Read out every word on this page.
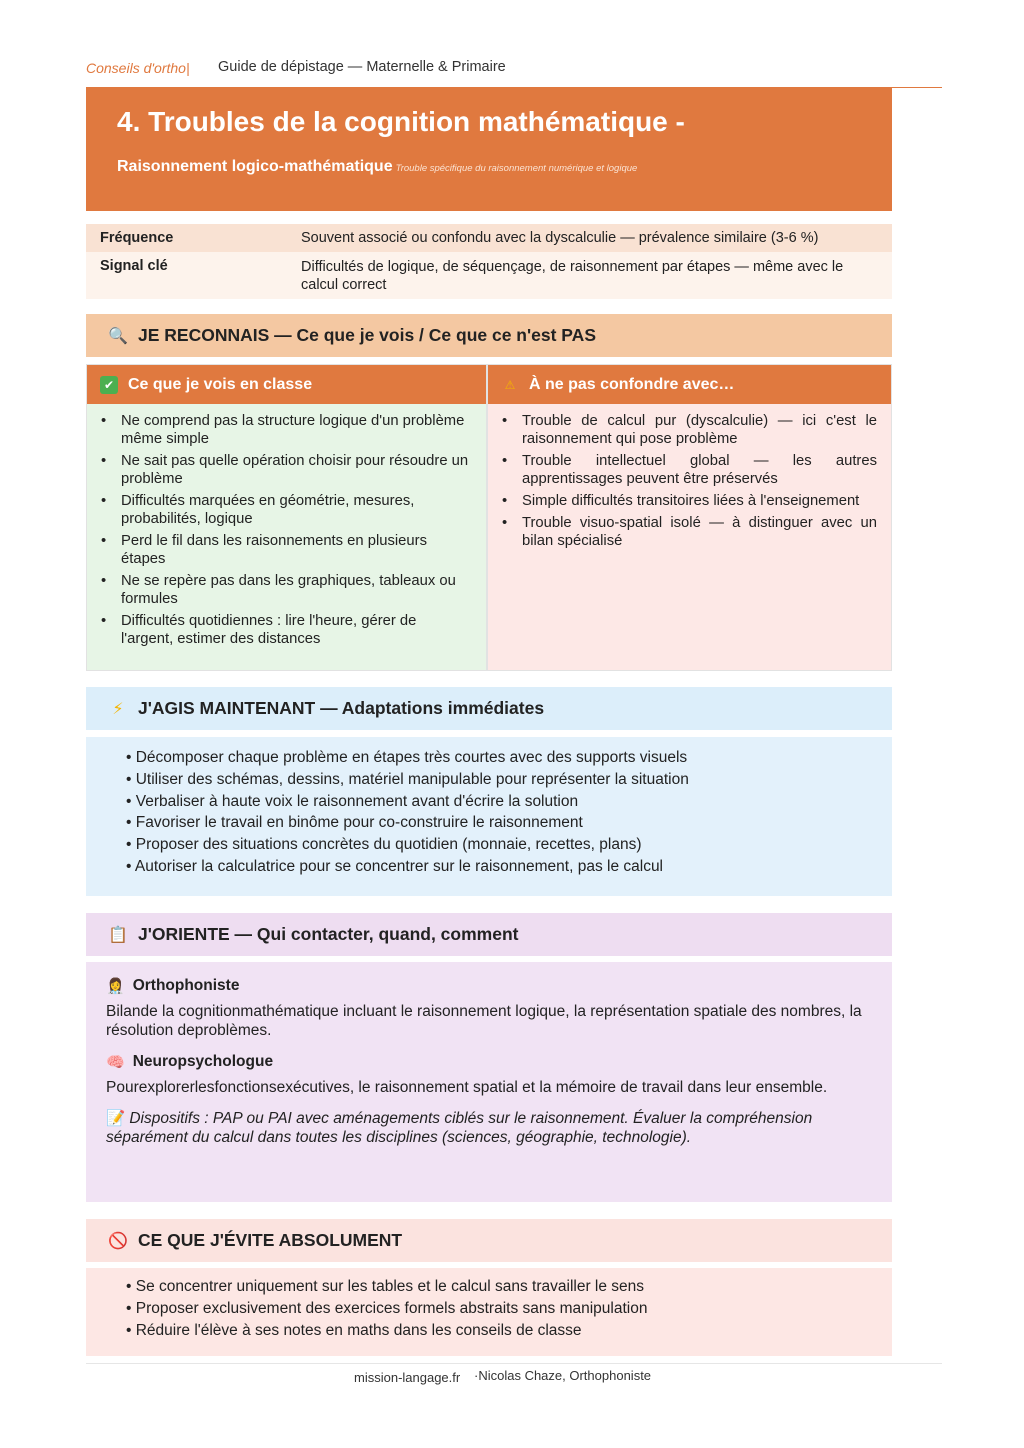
Conseils d'ortho| Guide de dépistage — Maternelle & Primaire
4. Troubles de la cognition mathématique -
Raisonnement logico-mathématique Trouble spécifique du raisonnement numérique et logique
Fréquence	Souvent associé ou confondu avec la dyscalculie — prévalence similaire (3-6 %)
Signal clé	Difficultés de logique, de séquençage, de raisonnement par étapes — même avec le calcul correct
🔍 JE RECONNAIS — Ce que je vois / Ce que ce n'est PAS
✔ Ce que je vois en classe
• Ne comprend pas la structure logique d'un problème même simple
• Ne sait pas quelle opération choisir pour résoudre un problème
• Difficultés marquées en géométrie, mesures, probabilités, logique
• Perd le fil dans les raisonnements en plusieurs étapes
• Ne se repère pas dans les graphiques, tableaux ou formules
• Difficultés quotidiennes : lire l'heure, gérer de l'argent, estimer des distances
⚠ À ne pas confondre avec…
• Trouble de calcul pur (dyscalculie) — ici c'est le raisonnement qui pose problème
• Trouble intellectuel global — les autres apprentissages peuvent être préservés
• Simple difficultés transitoires liées à l'enseignement
• Trouble visuo-spatial isolé — à distinguer avec un bilan spécialisé
⚡ J'AGIS MAINTENANT — Adaptations immédiates
• Décomposer chaque problème en étapes très courtes avec des supports visuels
• Utiliser des schémas, dessins, matériel manipulable pour représenter la situation
• Verbaliser à haute voix le raisonnement avant d'écrire la solution
• Favoriser le travail en binôme pour co-construire le raisonnement
• Proposer des situations concrètes du quotidien (monnaie, recettes, plans)
• Autoriser la calculatrice pour se concentrer sur le raisonnement, pas le calcul
📋 J'ORIENTE — Qui contacter, quand, comment
👩‍⚕️ Orthophoniste
Bilande la cognitionmathématique incluant le raisonnement logique, la représentation spatiale des nombres, la résolution deproblèmes.
🧠 Neuropsychologue
Pourexplorerlesfonctionsexécutives, le raisonnement spatial et la mémoire de travail dans leur ensemble.
📝 Dispositifs : PAP ou PAI avec aménagements ciblés sur le raisonnement. Évaluer la compréhension séparément du calcul dans toutes les disciplines (sciences, géographie, technologie).
🚫 CE QUE J'ÉVITE ABSOLUMENT
• Se concentrer uniquement sur les tables et le calcul sans travailler le sens
• Proposer exclusivement des exercices formels abstraits sans manipulation
• Réduire l'élève à ses notes en maths dans les conseils de classe
mission-langage.fr ·Nicolas Chaze, Orthophoniste
